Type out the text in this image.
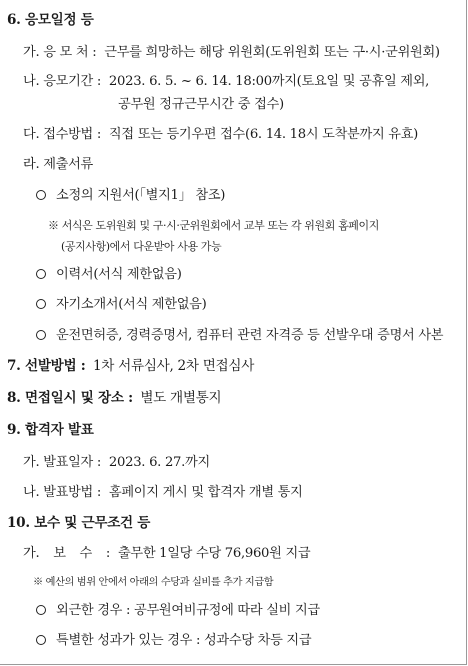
6. 응모일정 등
가. 응 모 처 : 근무를 희망하는 해당 위원회(도위원회 또는 구·시·군위원회)
나. 응모기간 : 2023. 6. 5. ~ 6. 14. 18:00까지(토요일 및 공휴일 제외,
공무원 정규근무시간 중 접수)
다. 접수방법 : 직접 또는 등기우편 접수(6. 14. 18시 도착분까지 유효)
라. 제출서류
소정의 지원서(「별지1」 참조)
※ 서식은 도위원회 및 구·시·군위원회에서 교부 또는 각 위원회 홈페이지
(공지사항)에서 다운받아 사용 가능
이력서(서식 제한없음)
자기소개서(서식 제한없음)
운전면허증, 경력증명서, 컴퓨터 관련 자격증 등 선발우대 증명서 사본
7. 선발방법 : 1차 서류심사, 2차 면접심사
8. 면접일시 및 장소 : 별도 개별통지
9. 합격자 발표
가. 발표일자 : 2023. 6. 27.까지
나. 발표방법 : 홈페이지 게시 및 합격자 개별 통지
10. 보수 및 근무조건 등
가. 보 수 : 출무한 1일당 수당 76,960원 지급
※ 예산의 범위 안에서 아래의 수당과 실비를 추가 지급함
외근한 경우 : 공무원여비규정에 따라 실비 지급
특별한 성과가 있는 경우 : 성과수당 차등 지급
